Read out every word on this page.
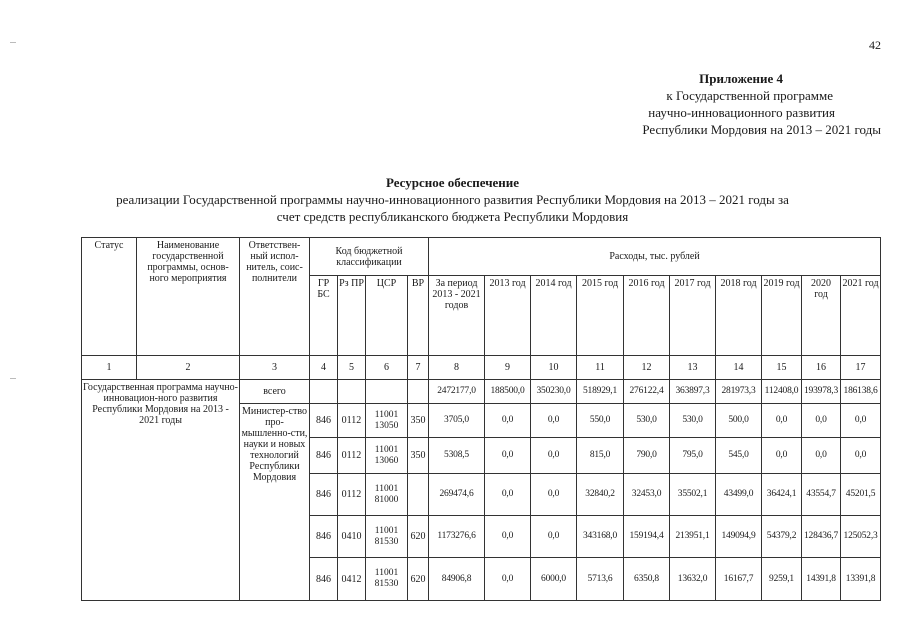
42
Приложение 4
к Государственной программе
научно-инновационного развития
Республики Мордовия на 2013 – 2021 годы
Ресурсное обеспечение
реализации Государственной программы научно-инновационного развития Республики Мордовия на 2013 – 2021 годы за
счет средств республиканского бюджета Республики Мордовия
Статус	Наименование государственной программы, основ-ного мероприятия	Ответствен-ный испол-нитель, соис-полнители	Код бюджетной классификации				Расходы, тыс. рублей									
			ГР БС	Рз ПР	ЦСР	ВР	За период 2013 - 2021 годов	2013 год	2014 год	2015 год	2016 год	2017 год	2018 год	2019 год	2020 год	2021 год
1	2	3	4	5	6	7	8	9	10	11	12	13	14	15	16	17
Государственная программа научно-инновацион-ного развития Республики Мордовия на 2013 - 2021 годы		всего					2472177,0	188500,0	350230,0	518929,1	276122,4	363897,3	281973,3	112408,0	193978,3	186138,6
		Министер-ство про-мышленно-сти, науки и новых технологий Республики Мордовия	846	0112	11001 13050	350	3705,0	0,0	0,0	550,0	530,0	530,0	500,0	0,0	0,0	0,0
			846	0112	11001 13060	350	5308,5	0,0	0,0	815,0	790,0	795,0	545,0	0,0	0,0	0,0
			846	0112	11001 81000		269474,6	0,0	0,0	32840,2	32453,0	35502,1	43499,0	36424,1	43554,7	45201,5
			846	0410	11001 81530	620	1173276,6	0,0	0,0	343168,0	159194,4	213951,1	149094,9	54379,2	128436,7	125052,3
			846	0412	11001 81530	620	84906,8	0,0	6000,0	5713,6	6350,8	13632,0	16167,7	9259,1	14391,8	13391,8
